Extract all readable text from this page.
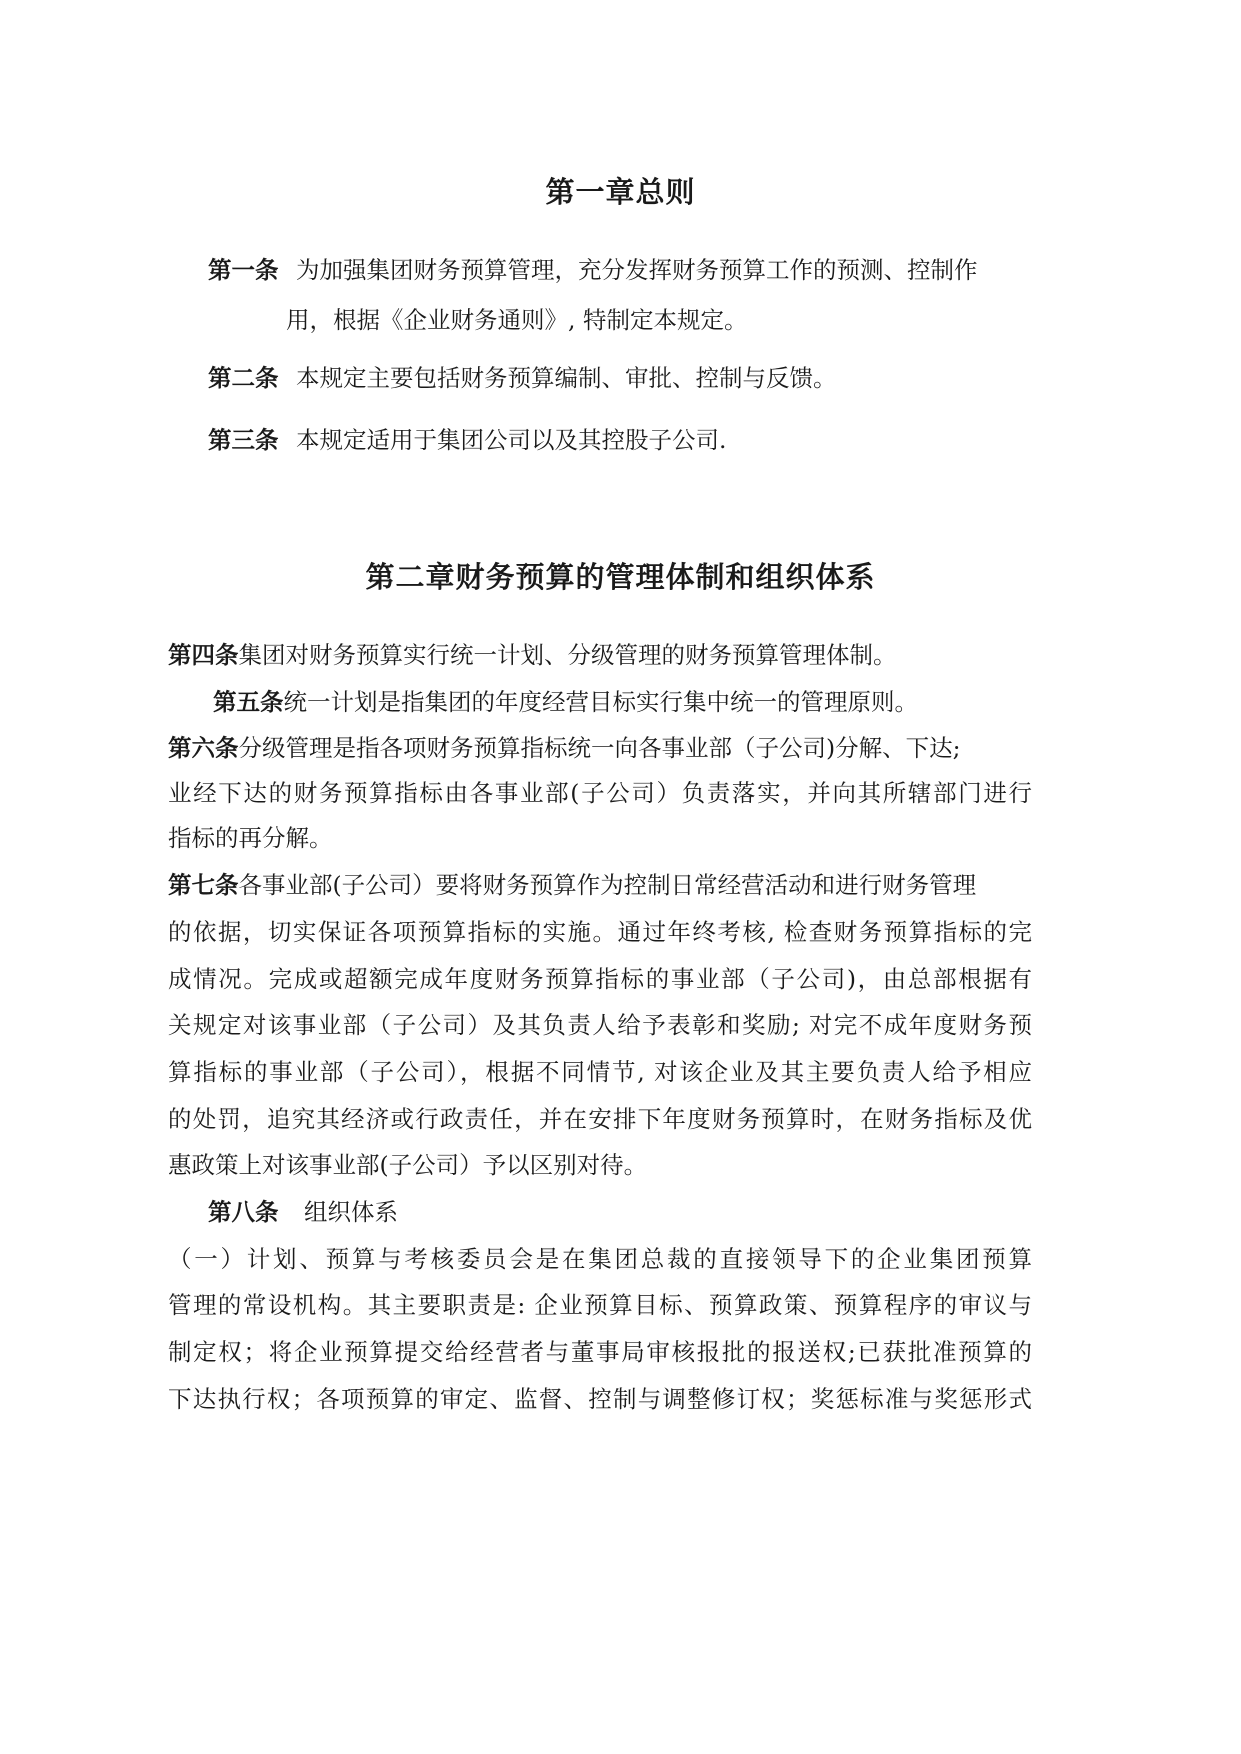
第一章总则
第一条 为加强集团财务预算管理，充分发挥财务预算工作的预测、控制作
用，根据《企业财务通则》, 特制定本规定。
第二条 本规定主要包括财务预算编制、审批、控制与反馈。
第三条 本规定适用于集团公司以及其控股子公司.
第二章财务预算的管理体制和组织体系
第四条集团对财务预算实行统一计划、分级管理的财务预算管理体制。
第五条统一计划是指集团的年度经营目标实行集中统一的管理原则。
第六条分级管理是指各项财务预算指标统一向各事业部（子公司)分解、下达;
业经下达的财务预算指标由各事业部(子公司）负责落实，并向其所辖部门进行
指标的再分解。
第七条各事业部(子公司）要将财务预算作为控制日常经营活动和进行财务管理
的依据，切实保证各项预算指标的实施。通过年终考核, 检查财务预算指标的完
成情况。完成或超额完成年度财务预算指标的事业部（子公司)，由总部根据有
关规定对该事业部（子公司）及其负责人给予表彰和奖励; 对完不成年度财务预
算指标的事业部（子公司），根据不同情节, 对该企业及其主要负责人给予相应
的处罚，追究其经济或行政责任，并在安排下年度财务预算时，在财务指标及优
惠政策上对该事业部(子公司）予以区别对待。
第八条 组织体系
（一）计划、预算与考核委员会是在集团总裁的直接领导下的企业集团预算
管理的常设机构。其主要职责是: 企业预算目标、预算政策、预算程序的审议与
制定权；将企业预算提交给经营者与董事局审核报批的报送权;已获批准预算的
下达执行权；各项预算的审定、监督、控制与调整修订权；奖惩标准与奖惩形式
